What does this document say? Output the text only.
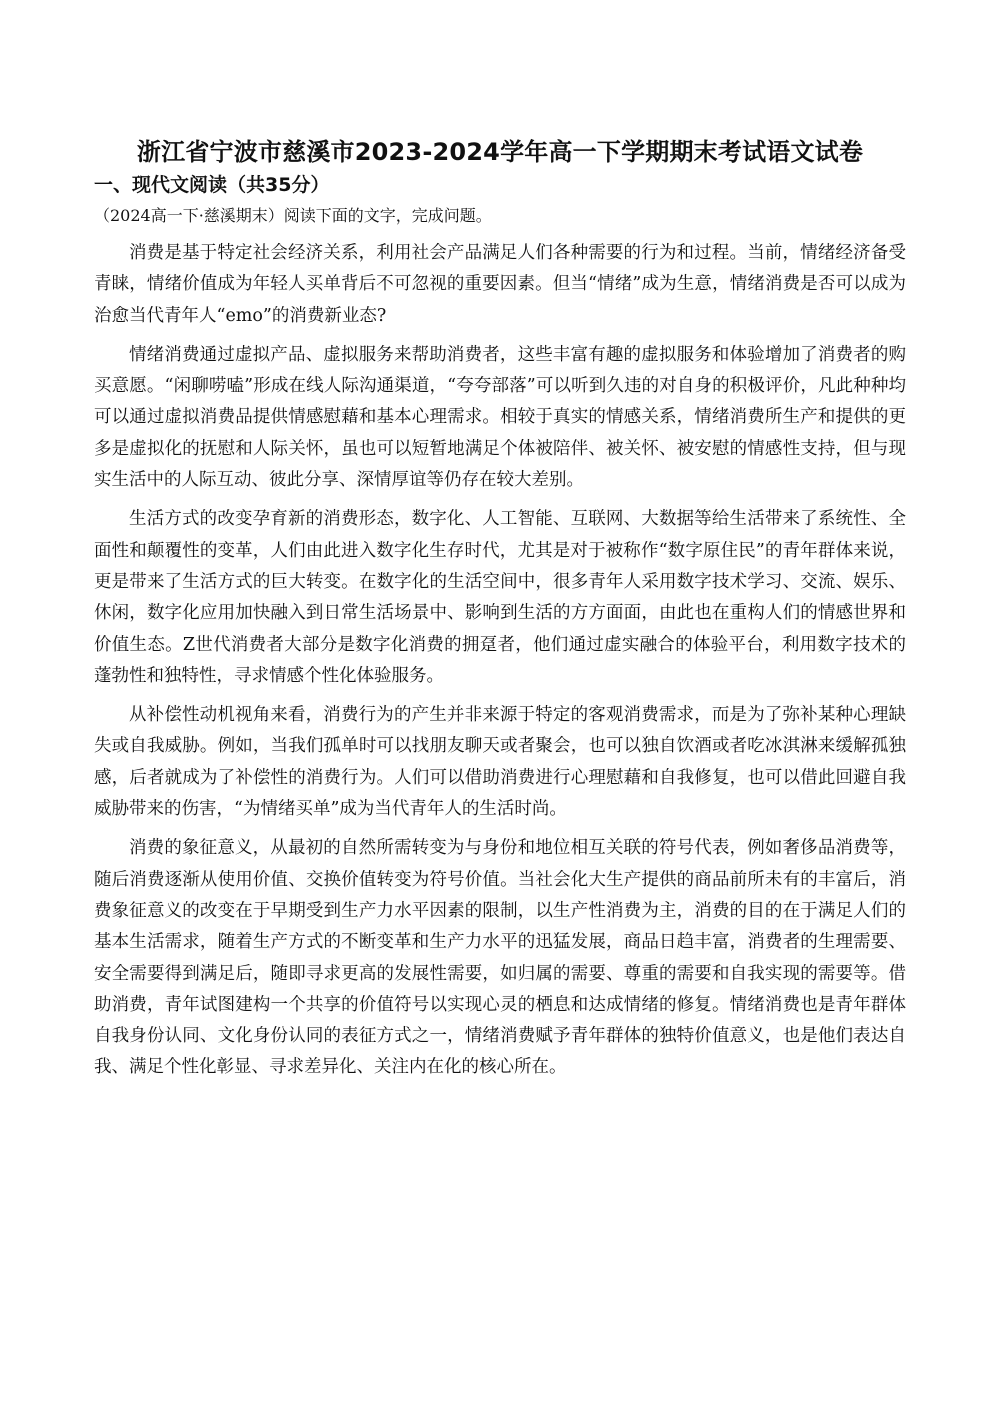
浙江省宁波市慈溪市2023-2024学年高一下学期期末考试语文试卷
一、现代文阅读（共35分）

（2024高一下·慈溪期末）阅读下面的文字，完成问题。

消费是基于特定社会经济关系，利用社会产品满足人们各种需要的行为和过程。当前，情绪经济备受青睐，情绪价值成为年轻人买单背后不可忽视的重要因素。但当“情绪”成为生意，情绪消费是否可以成为治愈当代青年人“emo”的消费新业态?

情绪消费通过虚拟产品、虚拟服务来帮助消费者，这些丰富有趣的虚拟服务和体验增加了消费者的购买意愿。“闲聊唠嗑”形成在线人际沟通渠道，“夸夸部落”可以听到久违的对自身的积极评价，凡此种种均可以通过虚拟消费品提供情感慰藉和基本心理需求。相较于真实的情感关系，情绪消费所生产和提供的更多是虚拟化的抚慰和人际关怀，虽也可以短暂地满足个体被陪伴、被关怀、被安慰的情感性支持，但与现实生活中的人际互动、彼此分享、深情厚谊等仍存在较大差别。

生活方式的改变孕育新的消费形态，数字化、人工智能、互联网、大数据等给生活带来了系统性、全面性和颠覆性的变革，人们由此进入数字化生存时代，尤其是对于被称作“数字原住民”的青年群体来说，更是带来了生活方式的巨大转变。在数字化的生活空间中，很多青年人采用数字技术学习、交流、娱乐、休闲，数字化应用加快融入到日常生活场景中、影响到生活的方方面面，由此也在重构人们的情感世界和价值生态。Z世代消费者大部分是数字化消费的拥趸者，他们通过虚实融合的体验平台，利用数字技术的蓬勃性和独特性，寻求情感个性化体验服务。

从补偿性动机视角来看，消费行为的产生并非来源于特定的客观消费需求，而是为了弥补某种心理缺失或自我威胁。例如，当我们孤单时可以找朋友聊天或者聚会，也可以独自饮酒或者吃冰淇淋来缓解孤独感，后者就成为了补偿性的消费行为。人们可以借助消费进行心理慰藉和自我修复，也可以借此回避自我威胁带来的伤害，“为情绪买单”成为当代青年人的生活时尚。

消费的象征意义，从最初的自然所需转变为与身份和地位相互关联的符号代表，例如奢侈品消费等，随后消费逐渐从使用价值、交换价值转变为符号价值。当社会化大生产提供的商品前所未有的丰富后，消费象征意义的改变在于早期受到生产力水平因素的限制，以生产性消费为主，消费的目的在于满足人们的基本生活需求，随着生产方式的不断变革和生产力水平的迅猛发展，商品日趋丰富，消费者的生理需要、安全需要得到满足后，随即寻求更高的发展性需要，如归属的需要、尊重的需要和自我实现的需要等。借助消费，青年试图建构一个共享的价值符号以实现心灵的栖息和达成情绪的修复。情绪消费也是青年群体自我身份认同、文化身份认同的表征方式之一，情绪消费赋予青年群体的独特价值意义，也是他们表达自我、满足个性化彰显、寻求差异化、关注内在化的核心所在。
